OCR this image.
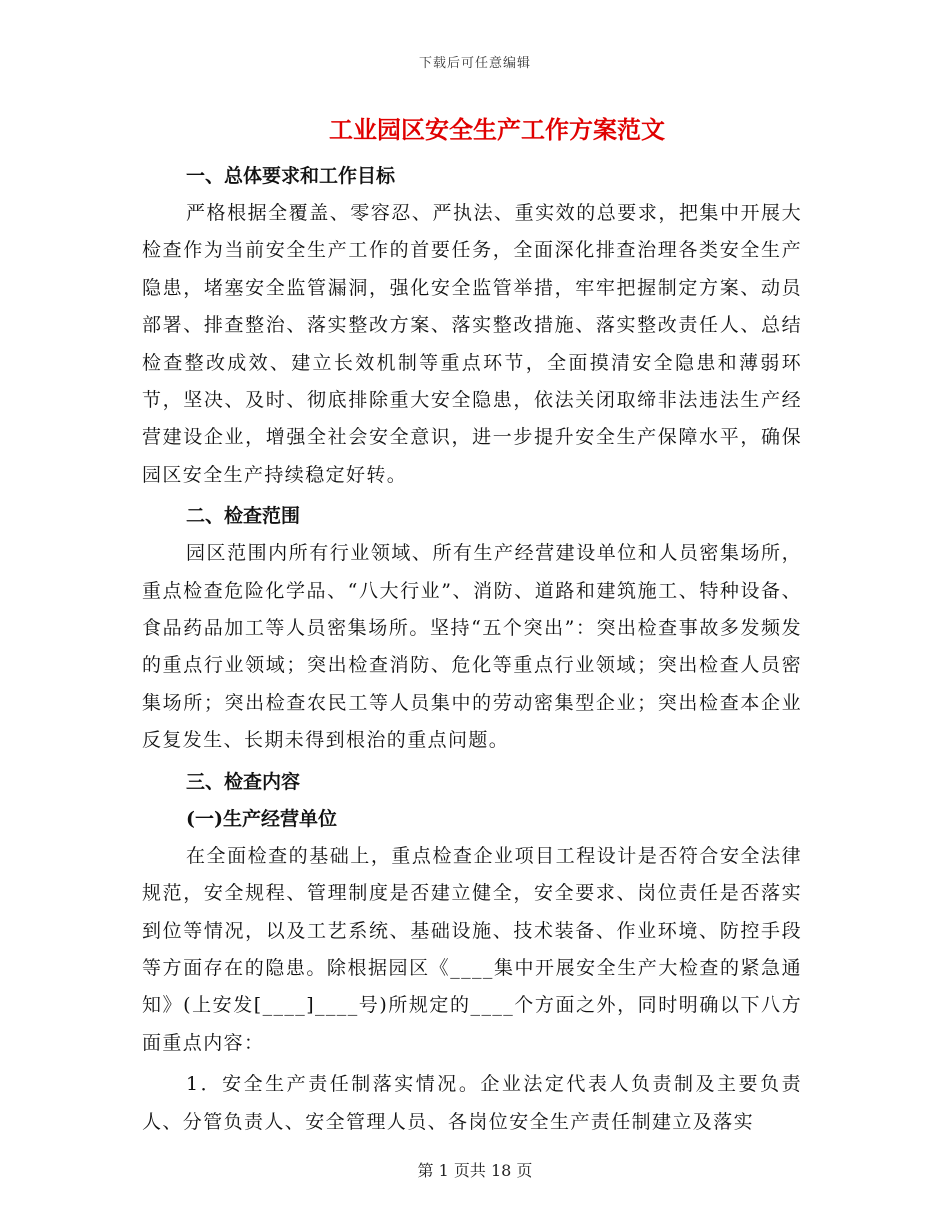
下载后可任意编辑
工业园区安全生产工作方案范文

一、总体要求和工作目标

严格根据全覆盖、零容忍、严执法、重实效的总要求，把集中开展大检查作为当前安全生产工作的首要任务，全面深化排查治理各类安全生产隐患，堵塞安全监管漏洞，强化安全监管举措，牢牢把握制定方案、动员部署、排查整治、落实整改方案、落实整改措施、落实整改责任人、总结检查整改成效、建立长效机制等重点环节，全面摸清安全隐患和薄弱环节，坚决、及时、彻底排除重大安全隐患，依法关闭取缔非法违法生产经营建设企业，增强全社会安全意识，进一步提升安全生产保障水平，确保园区安全生产持续稳定好转。

二、检查范围

园区范围内所有行业领域、所有生产经营建设单位和人员密集场所，重点检查危险化学品、“八大行业”、消防、道路和建筑施工、特种设备、食品药品加工等人员密集场所。坚持“五个突出”：突出检查事故多发频发的重点行业领域；突出检查消防、危化等重点行业领域；突出检查人员密集场所；突出检查农民工等人员集中的劳动密集型企业；突出检查本企业反复发生、长期未得到根治的重点问题。

三、检查内容

(一)生产经营单位

在全面检查的基础上，重点检查企业项目工程设计是否符合安全法律规范，安全规程、管理制度是否建立健全，安全要求、岗位责任是否落实到位等情况，以及工艺系统、基础设施、技术装备、作业环境、防控手段等方面存在的隐患。除根据园区《____集中开展安全生产大检查的紧急通知》(上安发[____]____号)所规定的____个方面之外，同时明确以下八方面重点内容：

1．安全生产责任制落实情况。企业法定代表人负责制及主要负责人、分管负责人、安全管理人员、各岗位安全生产责任制建立及落实

第 1 页共 18 页
